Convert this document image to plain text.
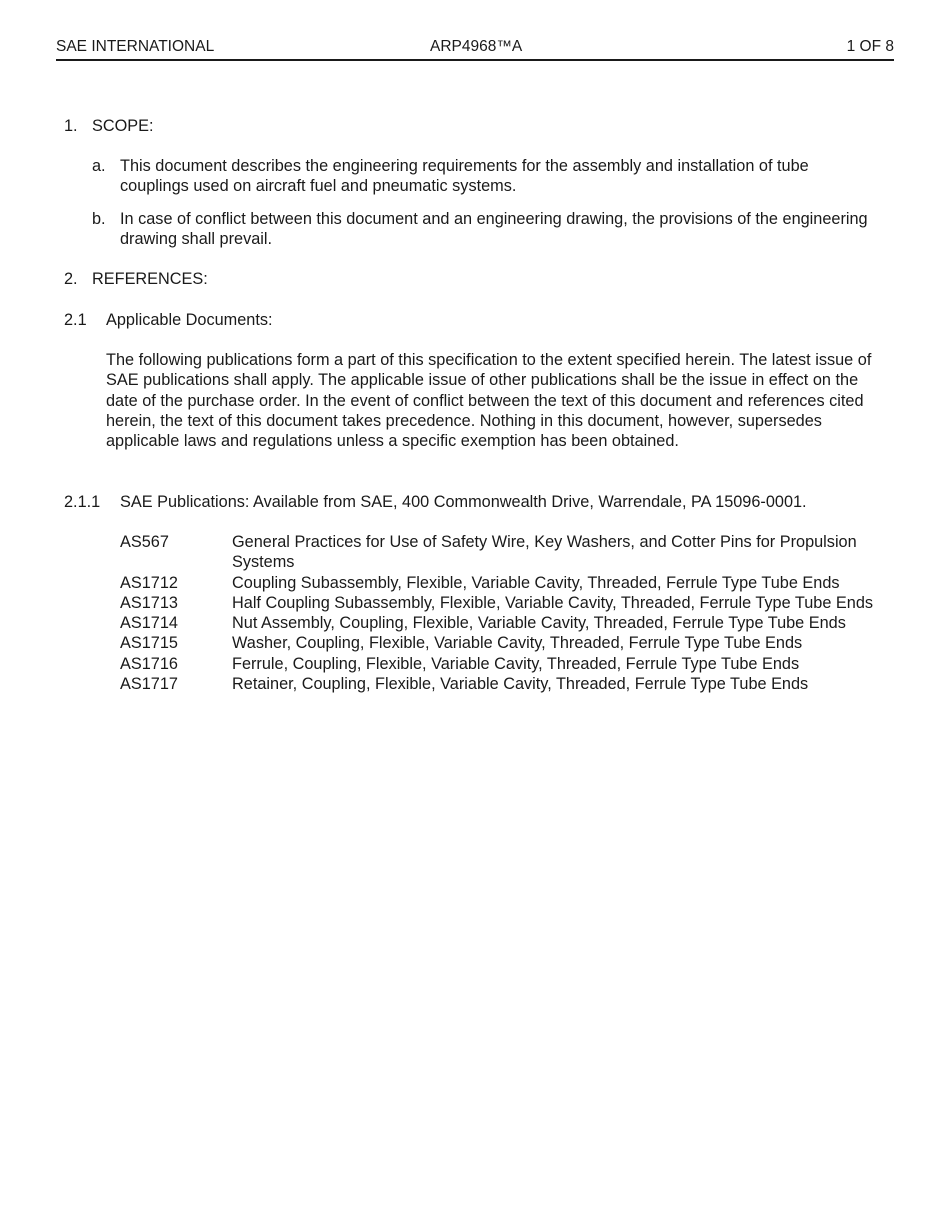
SAE INTERNATIONAL	ARP4968™A	1 OF 8
1. SCOPE:
a. This document describes the engineering requirements for the assembly and installation of tube couplings used on aircraft fuel and pneumatic systems.
b. In case of conflict between this document and an engineering drawing, the provisions of the engineering drawing shall prevail.
2. REFERENCES:
2.1 Applicable Documents:
The following publications form a part of this specification to the extent specified herein. The latest issue of SAE publications shall apply. The applicable issue of other publications shall be the issue in effect on the date of the purchase order. In the event of conflict between the text of this document and references cited herein, the text of this document takes precedence. Nothing in this document, however, supersedes applicable laws and regulations unless a specific exemption has been obtained.
2.1.1 SAE Publications: Available from SAE, 400 Commonwealth Drive, Warrendale, PA 15096-0001.
AS567	General Practices for Use of Safety Wire, Key Washers, and Cotter Pins for Propulsion Systems
AS1712	Coupling Subassembly, Flexible, Variable Cavity, Threaded, Ferrule Type Tube Ends
AS1713	Half Coupling Subassembly, Flexible, Variable Cavity, Threaded, Ferrule Type Tube Ends
AS1714	Nut Assembly, Coupling, Flexible, Variable Cavity, Threaded, Ferrule Type Tube Ends
AS1715	Washer, Coupling, Flexible, Variable Cavity, Threaded, Ferrule Type Tube Ends
AS1716	Ferrule, Coupling, Flexible, Variable Cavity, Threaded, Ferrule Type Tube Ends
AS1717	Retainer, Coupling, Flexible, Variable Cavity, Threaded, Ferrule Type Tube Ends
